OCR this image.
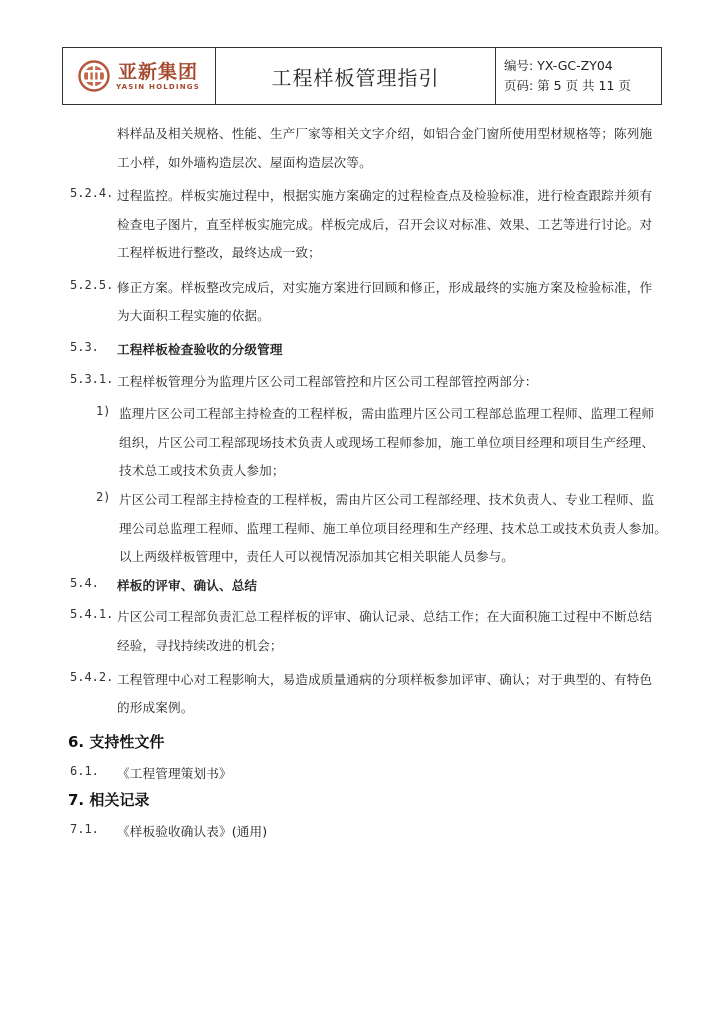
亚新集团
YASIN HOLDINGS	工程样板管理指引	编号: YX-GC-ZY04
页码: 第 5 页 共 11 页
料样品及相关规格、性能、生产厂家等相关文字介绍，如铝合金门窗所使用型材规格等；陈列施
工小样，如外墙构造层次、屋面构造层次等。
5.2.4. 过程监控。样板实施过程中，根据实施方案确定的过程检查点及检验标准，进行检查跟踪并须有
检查电子图片，直至样板实施完成。样板完成后，召开会议对标准、效果、工艺等进行讨论。对
工程样板进行整改，最终达成一致；
5.2.5. 修正方案。样板整改完成后，对实施方案进行回顾和修正，形成最终的实施方案及检验标准，作
为大面积工程实施的依据。
5.3. 工程样板检查验收的分级管理
5.3.1. 工程样板管理分为监理片区公司工程部管控和片区公司工程部管控两部分：
1) 监理片区公司工程部主持检查的工程样板，需由监理片区公司工程部总监理工程师、监理工程师
组织，片区公司工程部现场技术负责人或现场工程师参加，施工单位项目经理和项目生产经理、
技术总工或技术负责人参加；
2) 片区公司工程部主持检查的工程样板，需由片区公司工程部经理、技术负责人、专业工程师、监
理公司总监理工程师、监理工程师、施工单位项目经理和生产经理、技术总工或技术负责人参加。
以上两级样板管理中，责任人可以视情况添加其它相关职能人员参与。
5.4. 样板的评审、确认、总结
5.4.1. 片区公司工程部负责汇总工程样板的评审、确认记录、总结工作；在大面积施工过程中不断总结
经验，寻找持续改进的机会；
5.4.2. 工程管理中心对工程影响大，易造成质量通病的分项样板参加评审、确认；对于典型的、有特色
的形成案例。
6. 支持性文件
6.1. 《工程管理策划书》
7. 相关记录
7.1. 《样板验收确认表》(通用)
